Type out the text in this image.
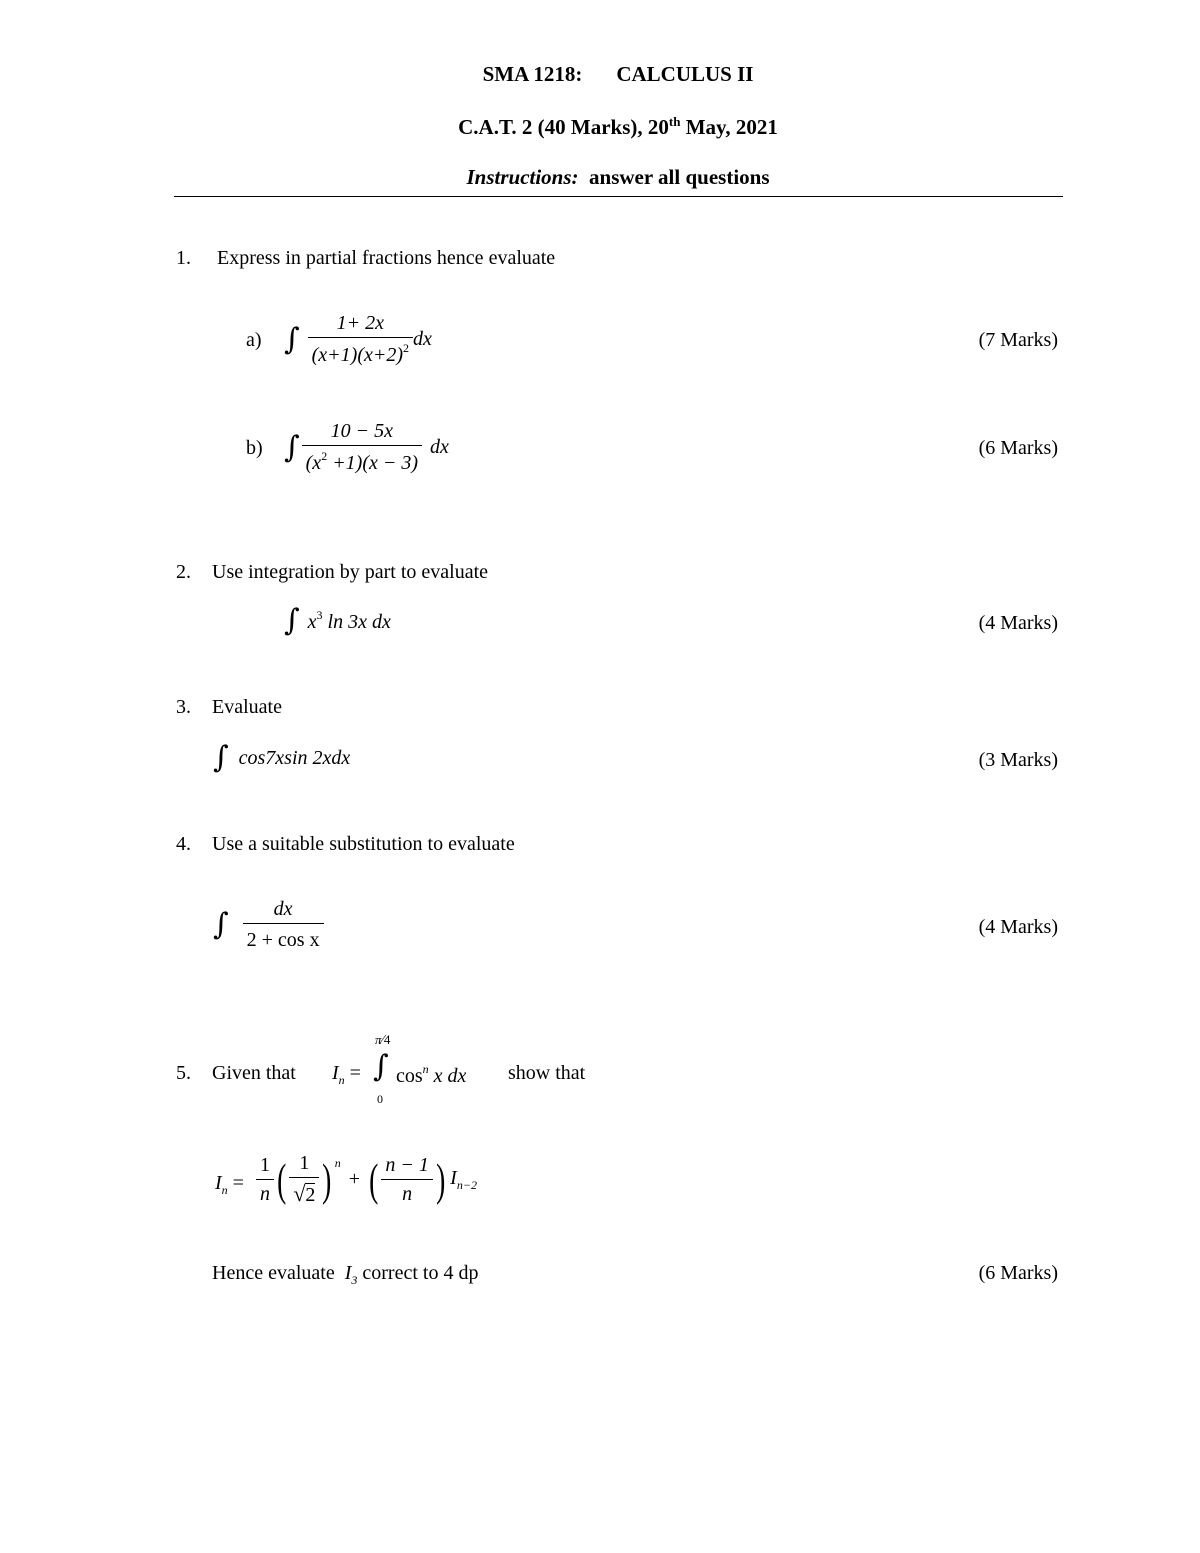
SMA 1218: CALCULUS II
C.A.T. 2 (40 Marks), 20th May, 2021
Instructions: answer all questions
1. Express in partial fractions hence evaluate
a) ∫ $\frac{1+ 2x}{(x+1)(x+2)^2}$ dx	(7 Marks)
b) ∫ $\frac{10 - 5x}{(x^2 +1)(x - 3)}$ dx	(6 Marks)
2. Use integration by part to evaluate
∫ $x^3$ ln 3x dx	(4 Marks)
3. Evaluate
∫ cos7xsin 2xdx	(3 Marks)
4. Use a suitable substitution to evaluate
∫ $\frac{dx}{\text{2 + cos x}}$	(4 Marks)
5. Given that $I_n$ =
π∕4
∫
0
$\cos^n x$ dx show that
$I_n = \frac{1}{n}$ ( $\frac{1}{√2}$ ) n
+ ( $\frac{n - 1}{n}$ ) $I_{n-2}$
Hence evaluate $I_3$ correct to 4 dp	(6 Marks)
